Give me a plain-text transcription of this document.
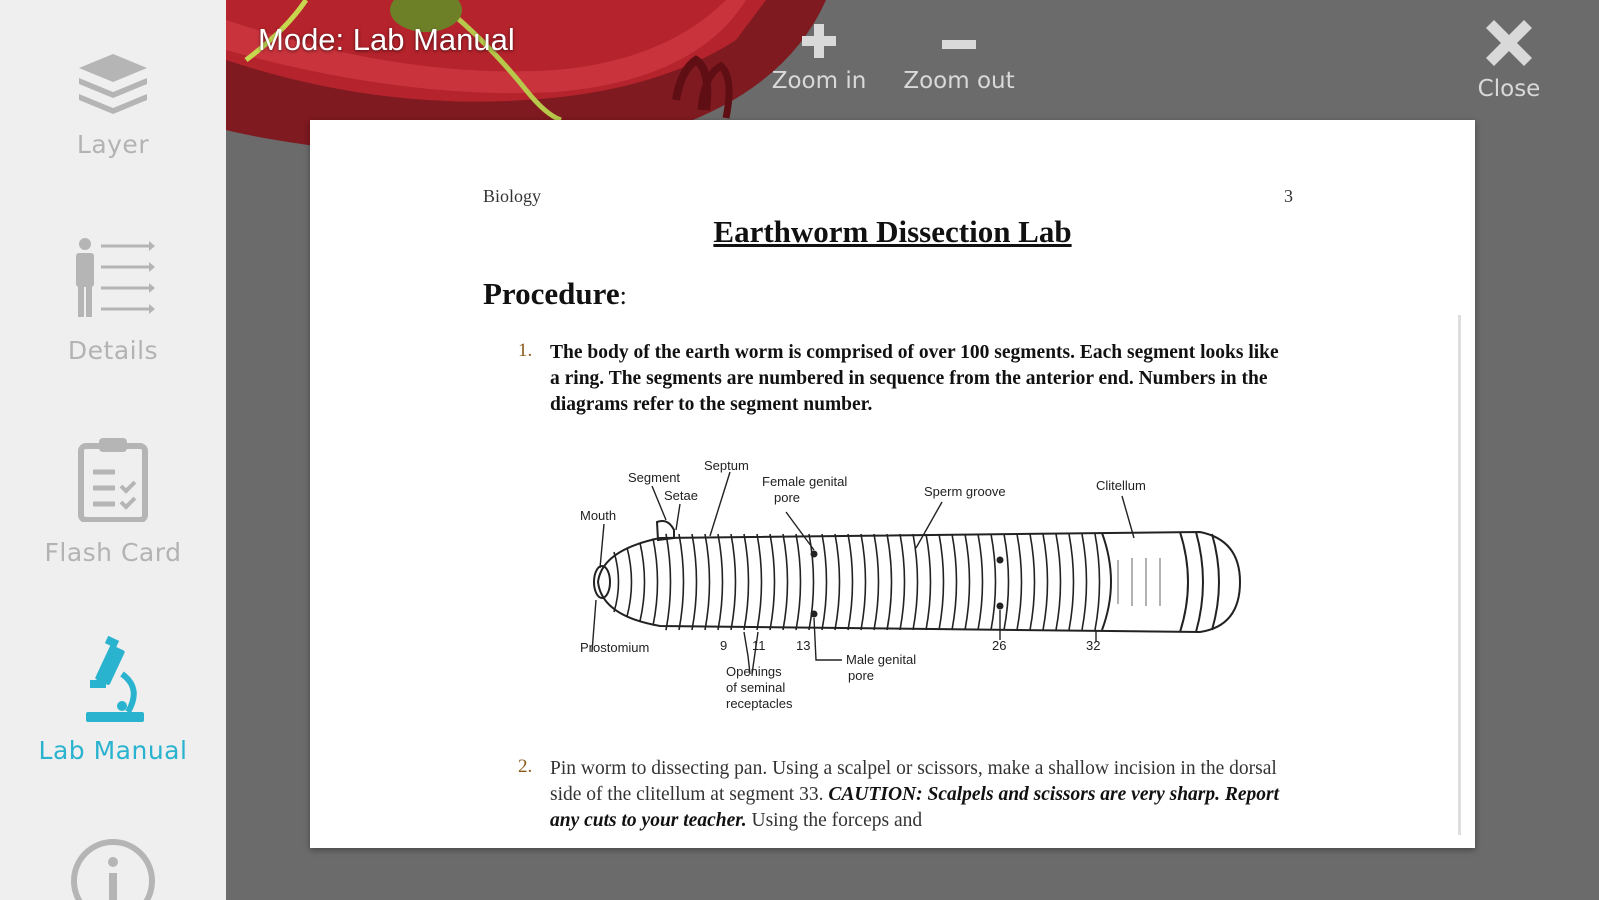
Layer
Details
Flash Card
Lab Manual
Mode: Lab Manual
Zoom in	Zoom out	Close
Biology	3
Earthworm Dissection Lab
Procedure:
1. The body of the earth worm is comprised of over 100 segments. Each segment looks like a ring. The segments are numbered in sequence from the anterior end. Numbers in the diagrams refer to the segment number.
Segment
Septum
Setae
Mouth
Female genital
pore	Sperm groove	Clitellum
Prostomium	9 11 13	26	32
Openings
of seminal
receptacles
Male genital
pore
2. Pin worm to dissecting pan. Using a scalpel or scissors, make a shallow incision in the dorsal side of the clitellum at segment 33. CAUTION: Scalpels and scissors are very sharp. Report any cuts to your teacher. Using the forceps and
